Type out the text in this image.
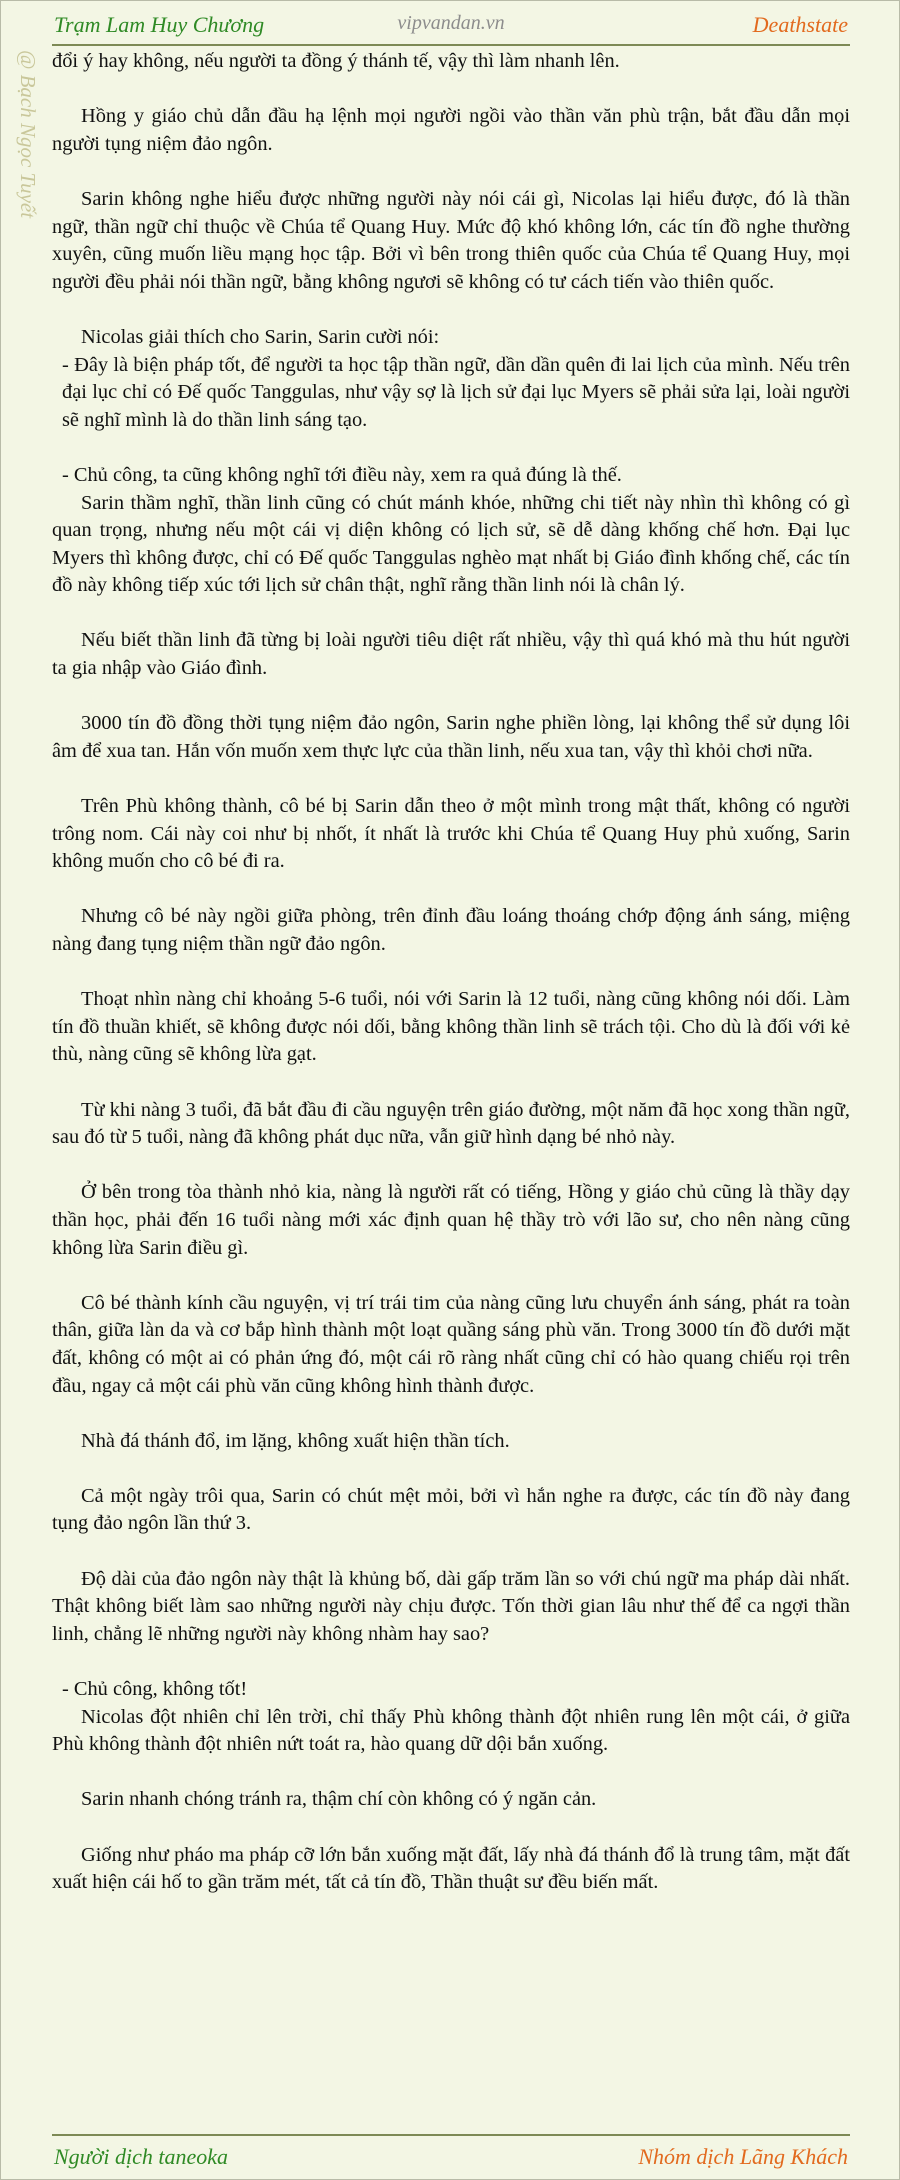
Trạm Lam Huy Chương	vipvandan.vn	Deathstate
@ Bạch Ngọc Tuyết đổi ý hay không, nếu người ta đồng ý thánh tế, vậy thì làm nhanh lên.

Hồng y giáo chủ dẫn đầu hạ lệnh mọi người ngồi vào thần văn phù trận, bắt đầu dẫn mọi người tụng niệm đảo ngôn.

Sarin không nghe hiểu được những người này nói cái gì, Nicolas lại hiểu được, đó là thần ngữ, thần ngữ chỉ thuộc về Chúa tể Quang Huy. Mức độ khó không lớn, các tín đồ nghe thường xuyên, cũng muốn liều mạng học tập. Bởi vì bên trong thiên quốc của Chúa tể Quang Huy, mọi người đều phải nói thần ngữ, bằng không ngươi sẽ không có tư cách tiến vào thiên quốc.

Nicolas giải thích cho Sarin, Sarin cười nói:

- Đây là biện pháp tốt, để người ta học tập thần ngữ, dần dần quên đi lai lịch của mình. Nếu trên đại lục chỉ có Đế quốc Tanggulas, như vậy sợ là lịch sử đại lục Myers sẽ phải sửa lại, loài người sẽ nghĩ mình là do thần linh sáng tạo.

- Chủ công, ta cũng không nghĩ tới điều này, xem ra quả đúng là thế.

Sarin thầm nghĩ, thần linh cũng có chút mánh khóe, những chi tiết này nhìn thì không có gì quan trọng, nhưng nếu một cái vị diện không có lịch sử, sẽ dễ dàng khống chế hơn. Đại lục Myers thì không được, chỉ có Đế quốc Tanggulas nghèo mạt nhất bị Giáo đình khống chế, các tín đồ này không tiếp xúc tới lịch sử chân thật, nghĩ rằng thần linh nói là chân lý.

Nếu biết thần linh đã từng bị loài người tiêu diệt rất nhiều, vậy thì quá khó mà thu hút người ta gia nhập vào Giáo đình.

3000 tín đồ đồng thời tụng niệm đảo ngôn, Sarin nghe phiền lòng, lại không thể sử dụng lôi âm để xua tan. Hắn vốn muốn xem thực lực của thần linh, nếu xua tan, vậy thì khỏi chơi nữa.

Trên Phù không thành, cô bé bị Sarin dẫn theo ở một mình trong mật thất, không có người trông nom. Cái này coi như bị nhốt, ít nhất là trước khi Chúa tể Quang Huy phủ xuống, Sarin không muốn cho cô bé đi ra.

Nhưng cô bé này ngồi giữa phòng, trên đỉnh đầu loáng thoáng chớp động ánh sáng, miệng nàng đang tụng niệm thần ngữ đảo ngôn.

Thoạt nhìn nàng chỉ khoảng 5-6 tuổi, nói với Sarin là 12 tuổi, nàng cũng không nói dối. Làm tín đồ thuần khiết, sẽ không được nói dối, bằng không thần linh sẽ trách tội. Cho dù là đối với kẻ thù, nàng cũng sẽ không lừa gạt.

Từ khi nàng 3 tuổi, đã bắt đầu đi cầu nguyện trên giáo đường, một năm đã học xong thần ngữ, sau đó từ 5 tuổi, nàng đã không phát dục nữa, vẫn giữ hình dạng bé nhỏ này.

Ở bên trong tòa thành nhỏ kia, nàng là người rất có tiếng, Hồng y giáo chủ cũng là thầy dạy thần học, phải đến 16 tuổi nàng mới xác định quan hệ thầy trò với lão sư, cho nên nàng cũng không lừa Sarin điều gì.

Cô bé thành kính cầu nguyện, vị trí trái tim của nàng cũng lưu chuyển ánh sáng, phát ra toàn thân, giữa làn da và cơ bắp hình thành một loạt quầng sáng phù văn. Trong 3000 tín đồ dưới mặt đất, không có một ai có phản ứng đó, một cái rõ ràng nhất cũng chỉ có hào quang chiếu rọi trên đầu, ngay cả một cái phù văn cũng không hình thành được.

Nhà đá thánh đổ, im lặng, không xuất hiện thần tích.

Cả một ngày trôi qua, Sarin có chút mệt mỏi, bởi vì hắn nghe ra được, các tín đồ này đang tụng đảo ngôn lần thứ 3.

Độ dài của đảo ngôn này thật là khủng bố, dài gấp trăm lần so với chú ngữ ma pháp dài nhất. Thật không biết làm sao những người này chịu được. Tốn thời gian lâu như thế để ca ngợi thần linh, chẳng lẽ những người này không nhàm hay sao?

- Chủ công, không tốt!

Nicolas đột nhiên chỉ lên trời, chỉ thấy Phù không thành đột nhiên rung lên một cái, ở giữa Phù không thành đột nhiên nứt toát ra, hào quang dữ dội bắn xuống.

Sarin nhanh chóng tránh ra, thậm chí còn không có ý ngăn cản.

Giống như pháo ma pháp cỡ lớn bắn xuống mặt đất, lấy nhà đá thánh đổ là trung tâm, mặt đất xuất hiện cái hố to gần trăm mét, tất cả tín đồ, Thần thuật sư đều biến mất.

Người dịch taneoka	Nhóm dịch Lãng Khách
